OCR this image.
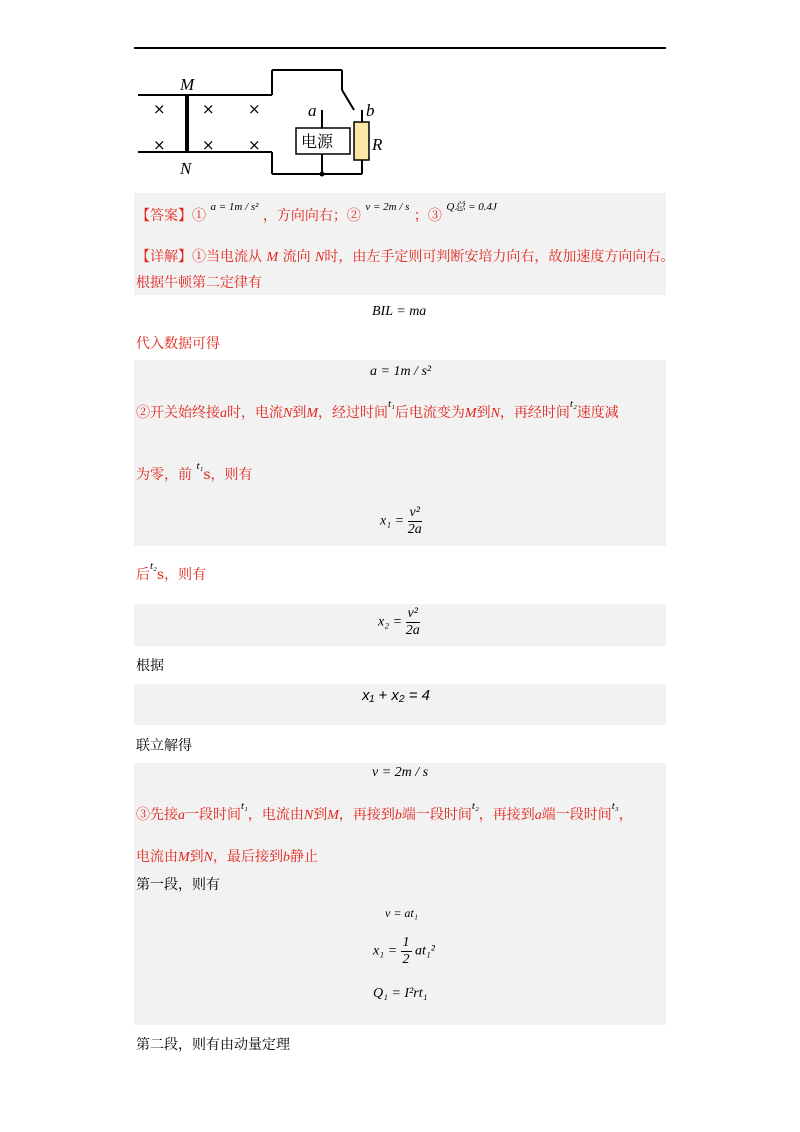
× × ×
× × ×
M
N
a	b
R
电源
【答案】① $^{a = 1m / s^2}$ ，方向向右；② $^{v = 2m / s}$ ；③ $^{Q总 = 0.4J}$
【详解】①当电流从 M 流向 N时，由左手定则可判断安培力向右，故加速度方向向右。
根据牛顿第二定律有
BIL = ma
代入数据可得
a = 1m / s²
②开关始终接a时，电流N到M，经过时间$^{t_1}$后电流变为M到N，再经时间$^{t_2}$速度减
为零，前 $^{t_1}$s，则有
$x_1 = \frac{\text{v²}}{2a}$
后$^{t_2}$s，则有
$x_2 = \frac{\text{v²}}{2a}$
根据
x₁ + x₂ = 4
联立解得
v = 2m / s
③先接a一段时间$^{t_1}$，电流由N到M，再接到b端一段时间$^{t_2}$，再接到a端一段时间$^{t_3}$，
电流由M到N，最后接到b静止
第一段，则有
v = at₁
$x_1 = \frac{1}{2} at_1^2$
Q₁ = I²rt₁
第二段，则有由动量定理
